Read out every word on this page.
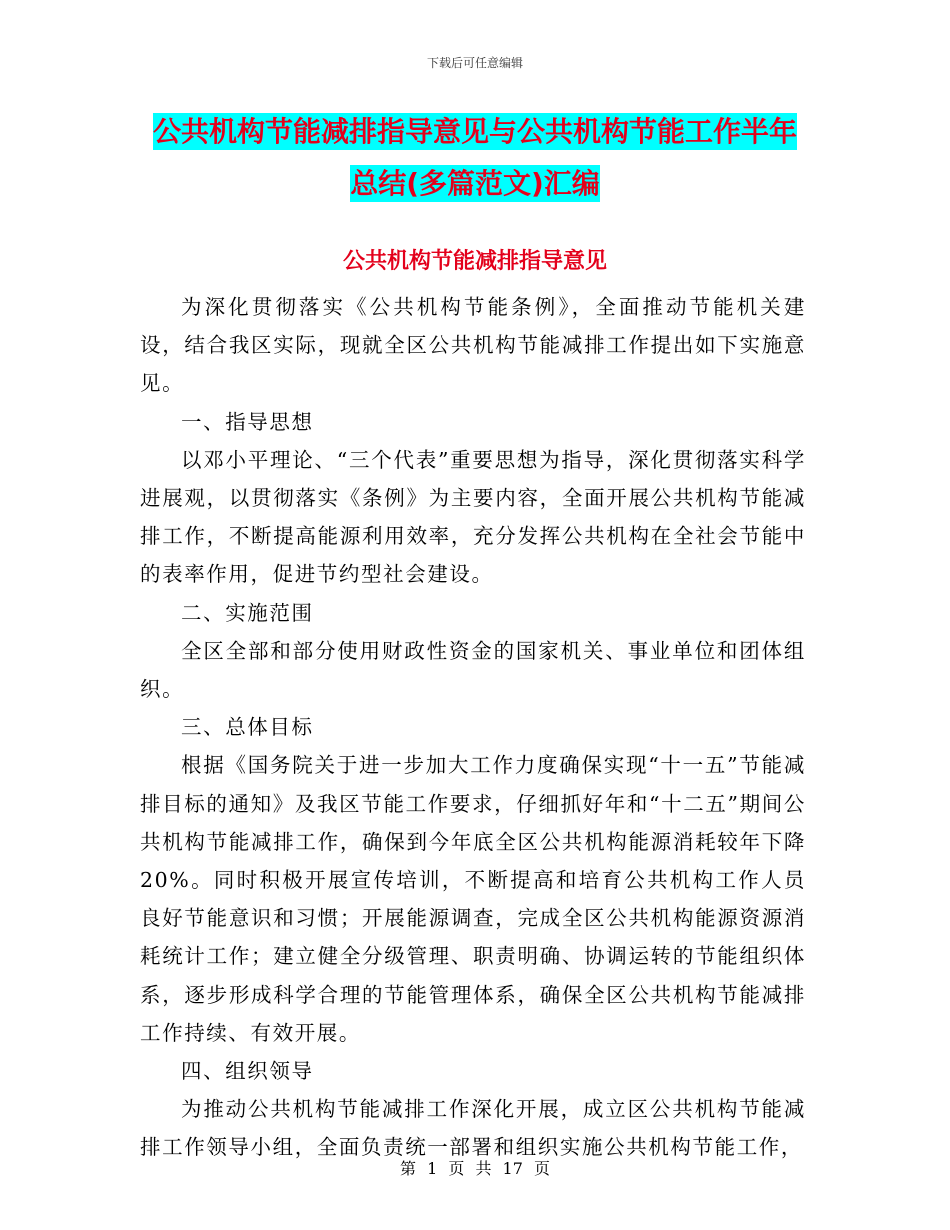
下载后可任意编辑
公共机构节能减排指导意见与公共机构节能工作半年
总结(多篇范文)汇编
公共机构节能减排指导意见

为深化贯彻落实《公共机构节能条例》，全面推动节能机关建设，结合我区实际，现就全区公共机构节能减排工作提出如下实施意见。

一、指导思想

以邓小平理论、“三个代表”重要思想为指导，深化贯彻落实科学进展观，以贯彻落实《条例》为主要内容，全面开展公共机构节能减排工作，不断提高能源利用效率，充分发挥公共机构在全社会节能中的表率作用，促进节约型社会建设。

二、实施范围

全区全部和部分使用财政性资金的国家机关、事业单位和团体组织。

三、总体目标

根据《国务院关于进一步加大工作力度确保实现“十一五”节能减排目标的通知》及我区节能工作要求，仔细抓好年和“十二五”期间公共机构节能减排工作，确保到今年底全区公共机构能源消耗较年下降20%。同时积极开展宣传培训，不断提高和培育公共机构工作人员良好节能意识和习惯；开展能源调查，完成全区公共机构能源资源消耗统计工作；建立健全分级管理、职责明确、协调运转的节能组织体系，逐步形成科学合理的节能管理体系，确保全区公共机构节能减排工作持续、有效开展。

四、组织领导

为推动公共机构节能减排工作深化开展，成立区公共机构节能减排工作领导小组，全面负责统一部署和组织实施公共机构节能工作，

第 1 页 共 17 页
